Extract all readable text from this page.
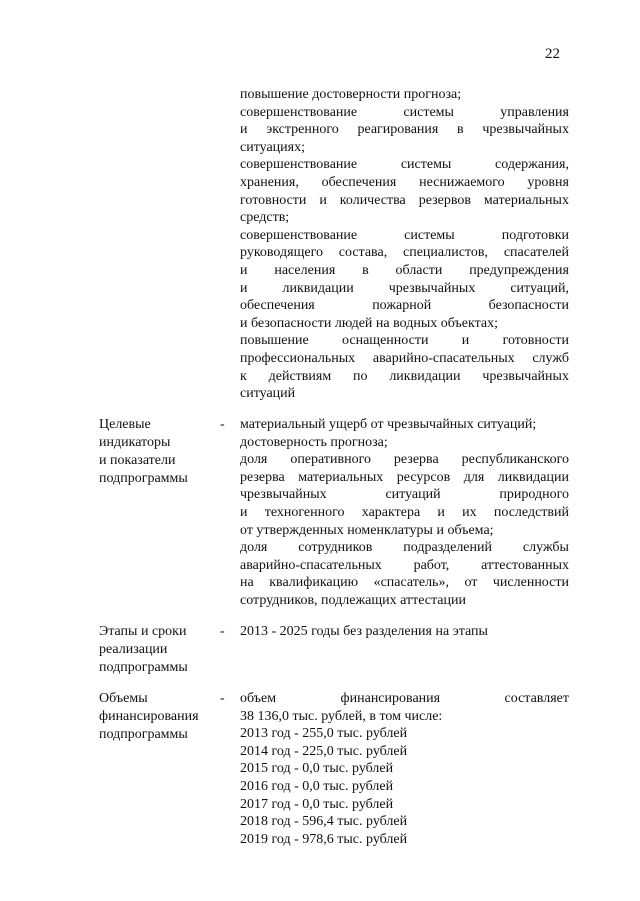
22
повышение достоверности прогноза;
совершенствование	системы	управления
и экстренного реагирования в чрезвычайных
ситуациях;
совершенствование	системы	содержания,
хранения, обеспечения неснижаемого уровня
готовности и количества резервов материальных
средств;
совершенствование	системы	подготовки
руководящего состава, специалистов, спасателей
и населения в области предупреждения
и	ликвидации	чрезвычайных	ситуаций,
обеспечения	пожарной	безопасности
и безопасности людей на водных объектах;
повышение оснащенности и готовности
профессиональных аварийно-спасательных служб
к действиям по ликвидации чрезвычайных
ситуаций
Целевые
индикаторы
и показатели
подпрограммы
- материальный ущерб от чрезвычайных ситуаций;
достоверность прогноза;
доля оперативного резерва республиканского
резерва материальных ресурсов для ликвидации
чрезвычайных	ситуаций	природного
и техногенного характера и их последствий
от утвержденных номенклатуры и объема;
доля сотрудников подразделений службы
аварийно-спасательных работ, аттестованных
на квалификацию «спасатель», от численности
сотрудников, подлежащих аттестации
Этапы и сроки
реализации
подпрограммы
- 2013 - 2025 годы без разделения на этапы
Объемы
финансирования
подпрограммы
- объем	финансирования	составляет
38 136,0 тыс. рублей, в том числе:
2013 год - 255,0 тыс. рублей
2014 год - 225,0 тыс. рублей
2015 год - 0,0 тыс. рублей
2016 год - 0,0 тыс. рублей
2017 год - 0,0 тыс. рублей
2018 год - 596,4 тыс. рублей
2019 год - 978,6 тыс. рублей
